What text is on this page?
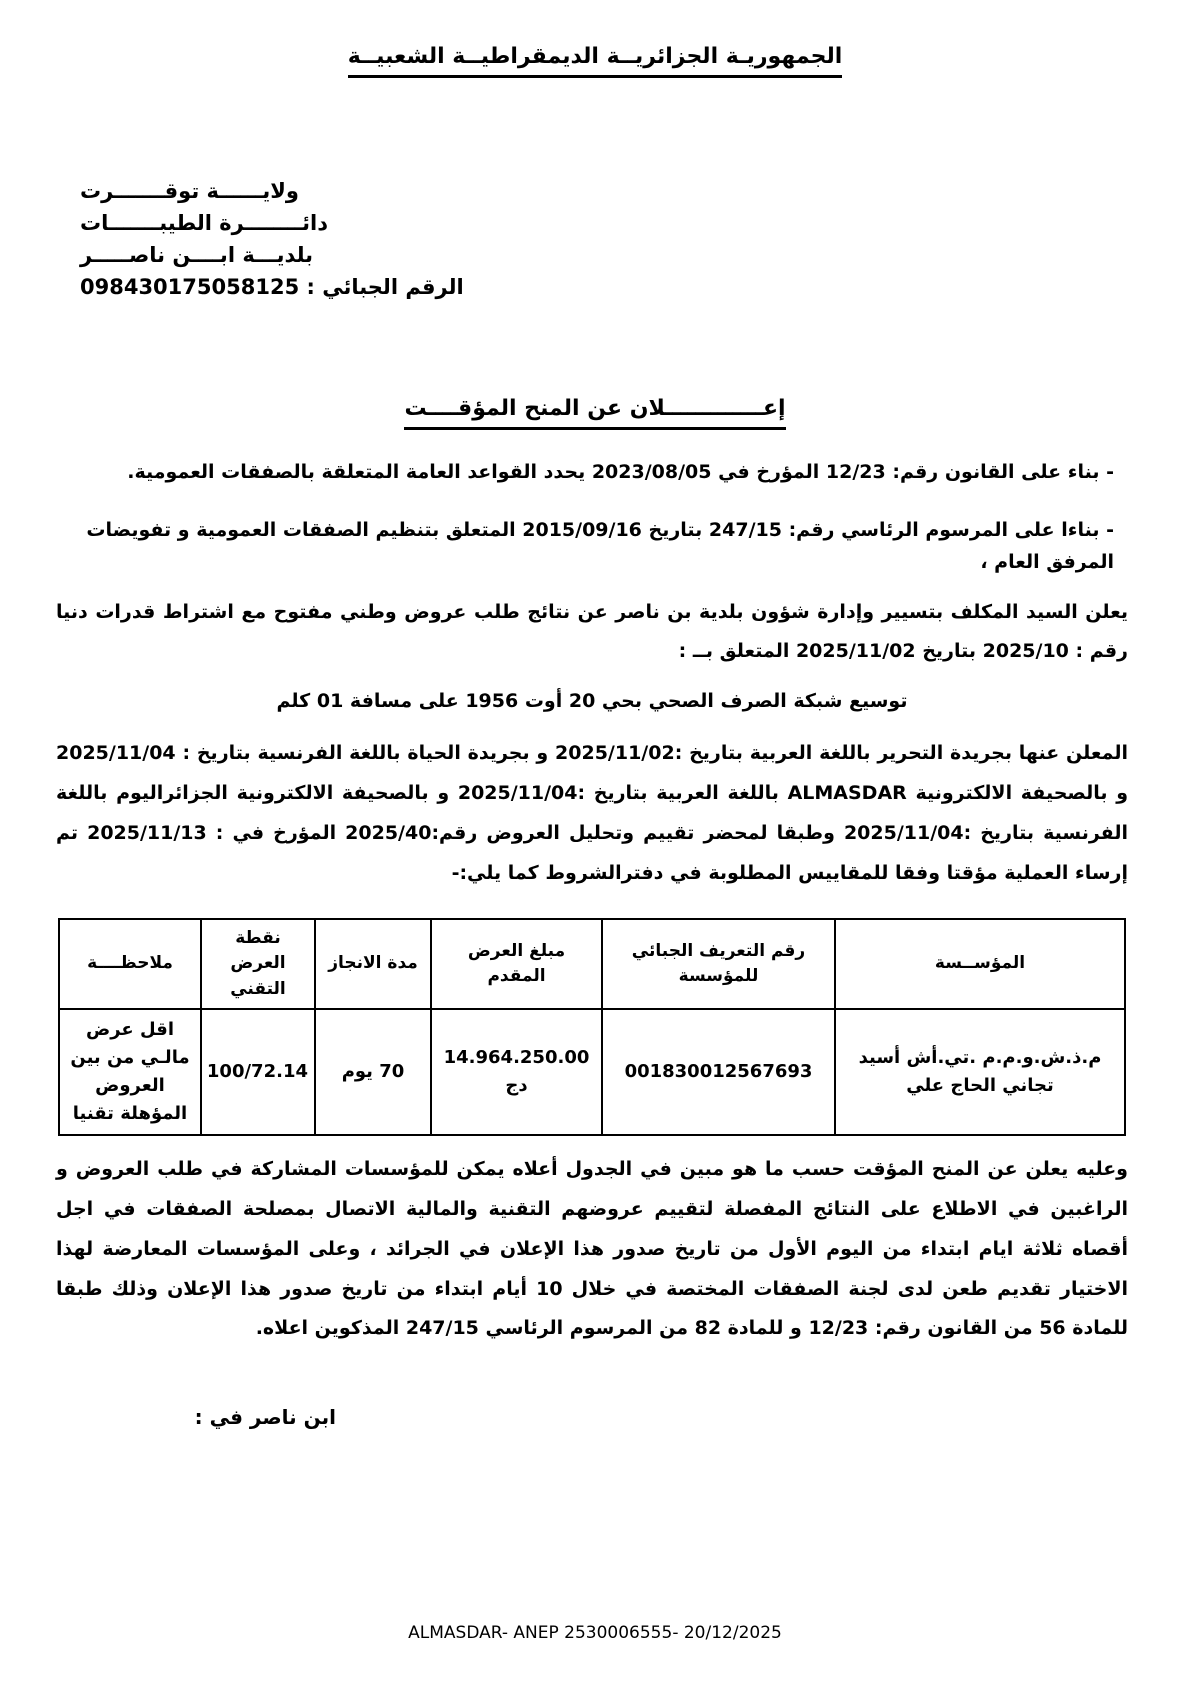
الجمهوريـة الجزائريــة الديمقراطيــة الشعبيــة
ولايــــــة توقـــــــرت
دائــــــــرة الطيبـــــــات
بلديـــة ابــــن ناصـــــر
الرقم الجبائي : 098430175058125
إعـــــــــــــلان عن المنح المؤقــــت

- بناء على القانون رقم: 12/23 المؤرخ في 2023/08/05 يحدد القواعد العامة المتعلقة بالصفقات العمومية.

- بناءا على المرسوم الرئاسي رقم: 247/15 بتاريخ 2015/09/16 المتعلق بتنظيم الصفقات العمومية و تفويضات المرفق العام ،

يعلن السيد المكلف بتسيير وإدارة شؤون بلدية بن ناصر عن نتائج طلب عروض وطني مفتوح مع اشتراط قدرات دنيا رقم : 2025/10 بتاريخ 2025/11/02 المتعلق بــ :

توسيع شبكة الصرف الصحي بحي 20 أوت 1956 على مسافة 01 كلم

المعلن عنها بجريدة التحرير باللغة العربية بتاريخ :2025/11/02 و بجريدة الحياة باللغة الفرنسية بتاريخ : 2025/11/04 و بالصحيفة الالكترونية ALMASDAR باللغة العربية بتاريخ :2025/11/04 و بالصحيفة الالكترونية الجزائراليوم باللغة الفرنسية بتاريخ :2025/11/04 وطبقا لمحضر تقييم وتحليل العروض رقم:2025/40 المؤرخ في : 2025/11/13 تم إرساء العملية مؤقتا وفقا للمقاييس المطلوبة في دفترالشروط كما يلي:-

المؤســسة	رقم التعريف الجبائي للمؤسسة	مبلغ العرض المقدم	مدة الانجاز	نقطة العرض التقني	ملاحظــــة
م.ذ.ش.و.م.م .تي.أش أسيد تجاني الحاج علي	001830012567693	14.964.250.00 دج	70 يوم	100/72.14	اقل عرض مالـي من بين العروض المؤهلة تقنيا

وعليه يعلن عن المنح المؤقت حسب ما هو مبين في الجدول أعلاه يمكن للمؤسسات المشاركة في طلب العروض و الراغبين في الاطلاع على النتائج المفصلة لتقييم عروضهم التقنية والمالية الاتصال بمصلحة الصفقات في اجل أقصاه ثلاثة ايام ابتداء من اليوم الأول من تاريخ صدور هذا الإعلان في الجرائد ، وعلى المؤسسات المعارضة لهذا الاختيار تقديم طعن لدى لجنة الصفقات المختصة في خلال 10 أيام ابتداء من تاريخ صدور هذا الإعلان وذلك طبقا للمادة 56 من القانون رقم: 12/23 و للمادة 82 من المرسوم الرئاسي 247/15 المذكوين اعلاه.

ابن ناصر في :

ALMASDAR- ANEP 2530006555- 20/12/2025
